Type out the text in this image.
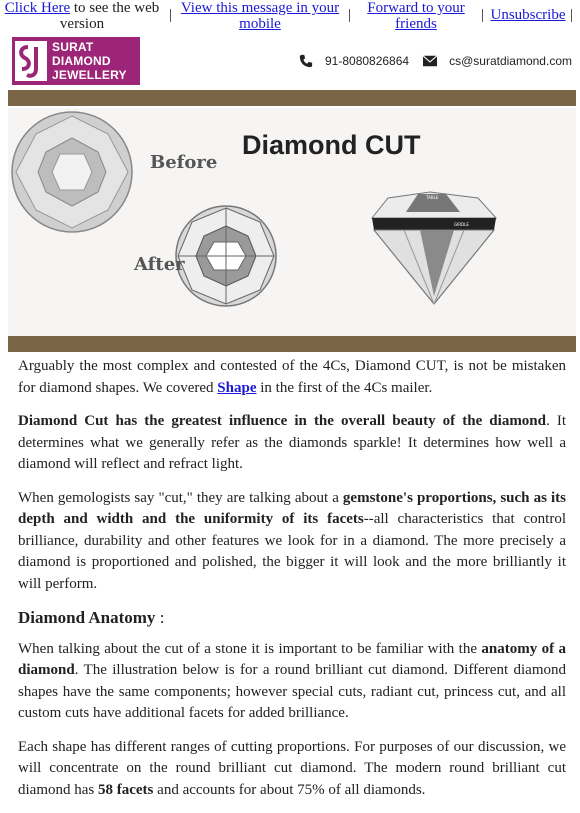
Click Here to see the web version
| View this message in your mobile
|	Forward to your friends
| Unsubscribe |
SURAT
DIAMOND
JEWELLERY
91-8080826864	cs@suratdiamond.com
Diamond CUT
Before
After
TABLE
GIRDLE

Arguably the most complex and contested of the 4Cs, Diamond CUT, is not be mistaken for diamond shapes. We covered Shape in the first of the 4Cs mailer.

Diamond Cut has the greatest influence in the overall beauty of the diamond. It determines what we generally refer as the diamonds sparkle! It determines how well a diamond will reflect and refract light.

When gemologists say "cut," they are talking about a gemstone's proportions, such as its depth and width and the uniformity of its facets--all characteristics that control brilliance, durability and other features we look for in a diamond. The more precisely a diamond is proportioned and polished, the bigger it will look and the more brilliantly it will perform.

Diamond Anatomy :

When talking about the cut of a stone it is important to be familiar with the anatomy of a diamond. The illustration below is for a round brilliant cut diamond. Different diamond shapes have the same components; however special cuts, radiant cut, princess cut, and all custom cuts have additional facets for added brilliance.

Each shape has different ranges of cutting proportions. For purposes of our discussion, we will concentrate on the round brilliant cut diamond. The modern round brilliant cut diamond has 58 facets and accounts for about 75% of all diamonds.
